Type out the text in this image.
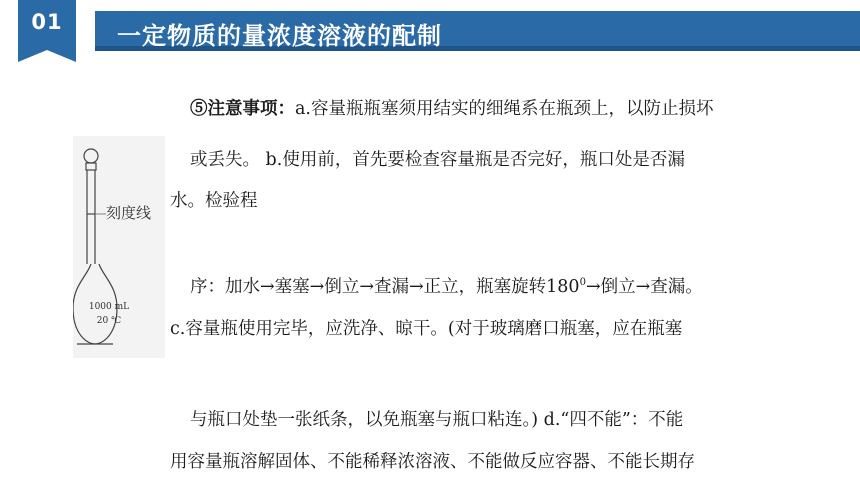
01	一定物质的量浓度溶液的配制
刻度线
1000 mL
20 ℃
⑤注意事项：a.容量瓶瓶塞须用结实的细绳系在瓶颈上，以防止损坏
或丢失。 b.使用前，首先要检查容量瓶是否完好，瓶口处是否漏
水。检验程
序：加水→塞塞→倒立→查漏→正立，瓶塞旋转$180^0\to$倒立→查漏。
c.容量瓶使用完毕，应洗净、晾干。(对于玻璃磨口瓶塞，应在瓶塞
与瓶口处垫一张纸条，以免瓶塞与瓶口粘连。) d.“四不能”：不能
用容量瓶溶解固体、不能稀释浓溶液、不能做反应容器、不能长期存
